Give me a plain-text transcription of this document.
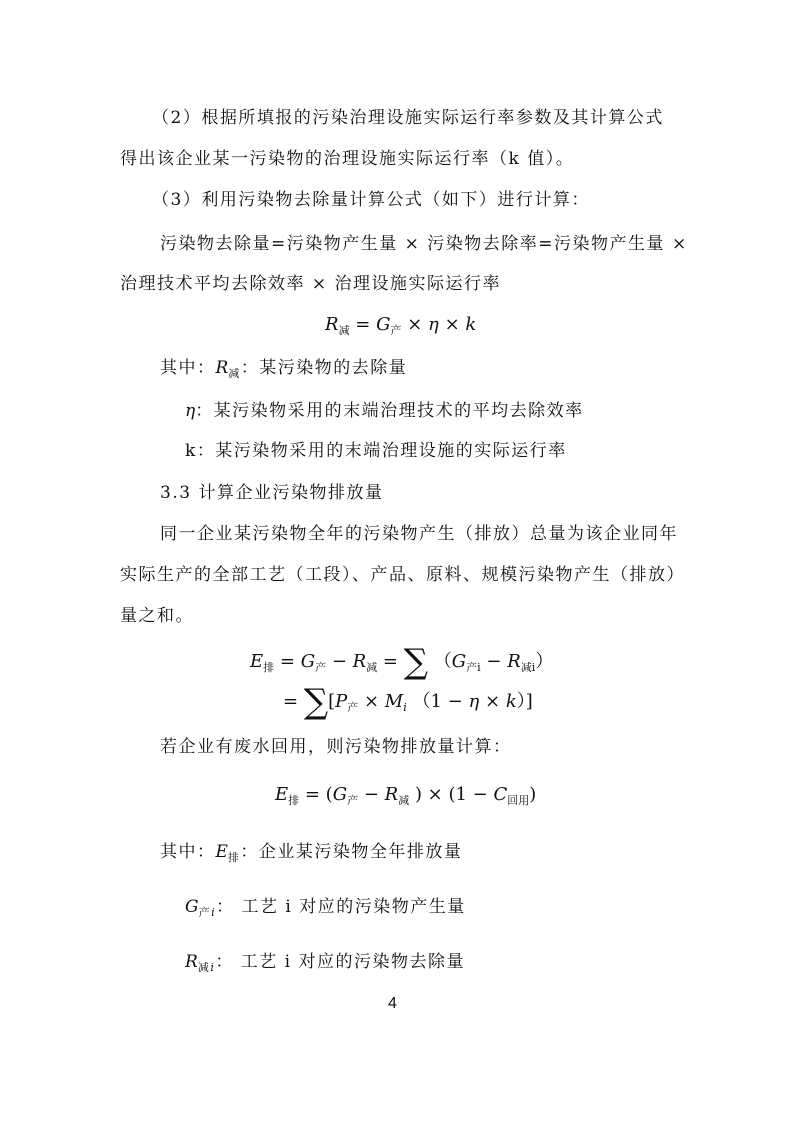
（2）根据所填报的污染治理设施实际运行率参数及其计算公式
得出该企业某一污染物的治理设施实际运行率（k 值）。
（3）利用污染物去除量计算公式（如下）进行计算：
污染物去除量=污染物产生量 × 污染物去除率=污染物产生量 ×
治理技术平均去除效率 × 治理设施实际运行率
$R_减 = G_产 \times \eta \times k$
其中：$R_减$：某污染物的去除量
η：某污染物采用的末端治理技术的平均去除效率
k：某污染物采用的末端治理设施的实际运行率
3.3 计算企业污染物排放量
同一企业某污染物全年的污染物产生（排放）总量为该企业同年
实际生产的全部工艺（工段）、产品、原料、规模污染物产生（排放）
量之和。
$E_排 = G_产 - R_减$ = ∑ $(G_{产i} - R_{减i})$
= $\sum[P_产 \times M_i$ （1 − η × k）]
若企业有废水回用，则污染物排放量计算：
$E_排 = (G_产 - R_减$ ) × $(1 - C_{回用})$
其中：$E_排$：企业某污染物全年排放量
$G_{产i}$： 工艺 i 对应的污染物产生量
$R_{减i}$： 工艺 i 对应的污染物去除量
4
